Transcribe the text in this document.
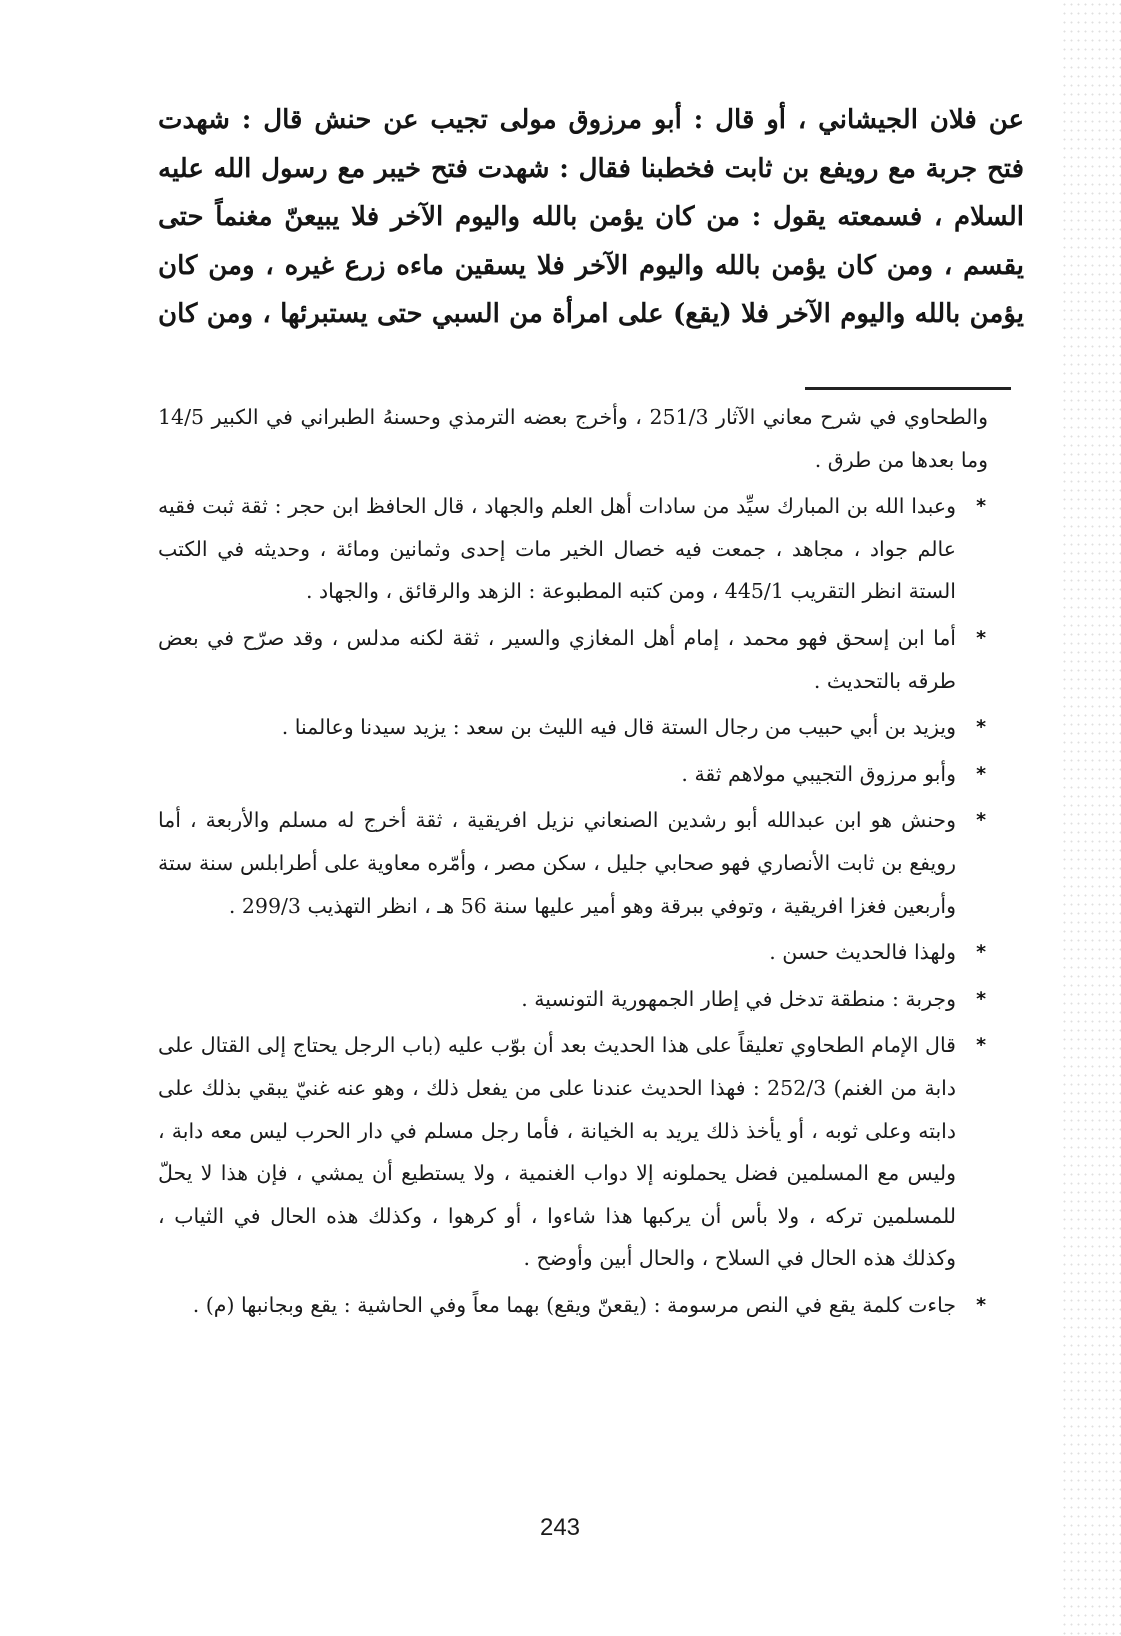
عن فلان الجيشاني ، أو قال : أبو مرزوق مولى تجيب عن حنش قال : شهدت فتح جربة مع رويفع بن ثابت فخطبنا فقال : شهدت فتح خيبر مع رسول الله عليه السلام ، فسمعته يقول : من كان يؤمن بالله واليوم الآخر فلا يبيعنّ مغنماً حتى يقسم ، ومن كان يؤمن بالله واليوم الآخر فلا يسقين ماءه زرع غيره ، ومن كان يؤمن بالله واليوم الآخر فلا (يقع) على امرأة من السبي حتى يستبرئها ، ومن كان

والطحاوي في شرح معاني الآثار 251/3 ، وأخرج بعضه الترمذي وحسنهُ الطبراني في الكبير 14/5 وما بعدها من طرق .
*
وعبدا الله بن المبارك سيِّد من سادات أهل العلم والجهاد ، قال الحافظ ابن حجر : ثقة ثبت فقيه عالم جواد ، مجاهد ، جمعت فيه خصال الخير مات إحدى وثمانين ومائة ، وحديثه في الكتب الستة انظر التقريب 445/1 ، ومن كتبه المطبوعة : الزهد والرقائق ، والجهاد .
*
أما ابن إسحق فهو محمد ، إمام أهل المغازي والسير ، ثقة لكنه مدلس ، وقد صرّح في بعض طرقه بالتحديث .
*
ويزيد بن أبي حبيب من رجال الستة قال فيه الليث بن سعد : يزيد سيدنا وعالمنا .
*
وأبو مرزوق التجيبي مولاهم ثقة .
*
وحنش هو ابن عبدالله أبو رشدين الصنعاني نزيل افريقية ، ثقة أخرج له مسلم والأربعة ، أما رويفع بن ثابت الأنصاري فهو صحابي جليل ، سكن مصر ، وأمّره معاوية على أطرابلس سنة ستة وأربعين فغزا افريقية ، وتوفي ببرقة وهو أمير عليها سنة 56 هـ ، انظر التهذيب 299/3 .
*
ولهذا فالحديث حسن .
*
وجربة : منطقة تدخل في إطار الجمهورية التونسية .
*
قال الإمام الطحاوي تعليقاً على هذا الحديث بعد أن بوّب عليه (باب الرجل يحتاج إلى القتال على دابة من الغنم) 252/3 : فهذا الحديث عندنا على من يفعل ذلك ، وهو عنه غنيّ يبقي بذلك على دابته وعلى ثوبه ، أو يأخذ ذلك يريد به الخيانة ، فأما رجل مسلم في دار الحرب ليس معه دابة ، وليس مع المسلمين فضل يحملونه إلا دواب الغنمية ، ولا يستطيع أن يمشي ، فإن هذا لا يحلّ للمسلمين تركه ، ولا بأس أن يركبها هذا شاءوا ، أو كرهوا ، وكذلك هذه الحال في الثياب ، وكذلك هذه الحال في السلاح ، والحال أبين وأوضح .
*
جاءت كلمة يقع في النص مرسومة : (يقعنّ ويقع) بهما معاً وفي الحاشية : يقع وبجانبها (م) .
243
